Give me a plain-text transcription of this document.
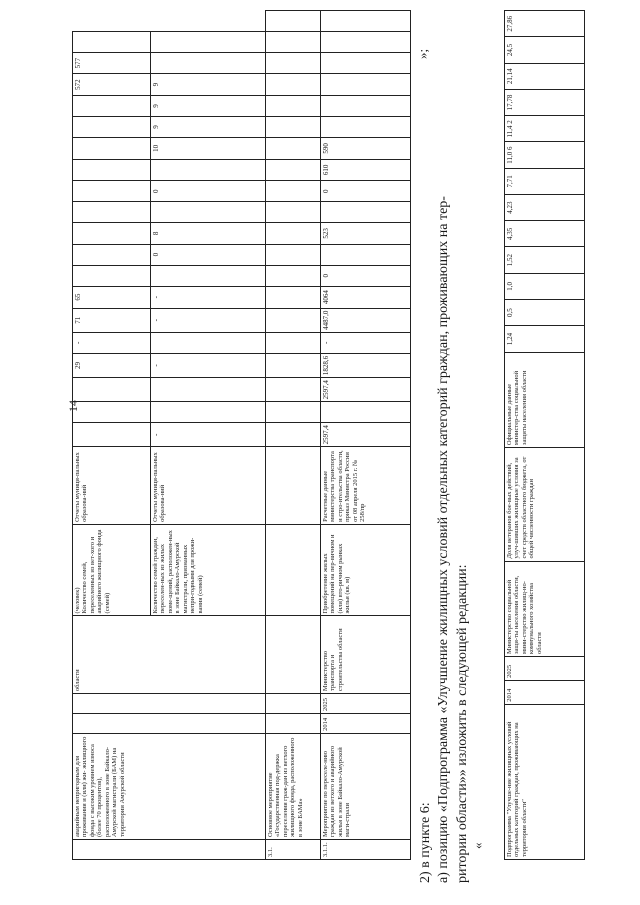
14
	аварийным непригодным для проживания и (или) жи- жилищного фонда с высоким уровнем износа (более 70 процентов), расположенного в зоне Байкало-Амурской магистрали (БАМ) на территории Амурской области			области	(человек) Количество семей, переселенных из вет-хого и аварийного жилищного фонда (семей)	Отчеты муници-пальных образова-ний				29	-	71	65										572	577		
					Количество семей граждан, переселен-ных из жилых поме-щений, расположен-ных в зоне Байкало-Амурской магистрали, признанных непри-годными для прожи-вания (семей)	Отчеты муници-пальных образова-ний	-			-		-	-		0	8		0		10	9	9	9			
3.1.	Основное мероприятие «Государственная под-держка переселения граж-дан из ветхого жилищного фонда, расположенного в зоне БАМа»																									
3.1.1.	Мероприятие по переселе-нию граждан из ветхого и аварийного жилья в зоне Байкало-Амурской маги-страли	2014	2025	Министерство транспорта и строительства области	Приобретение жилых помещений на пер-вичном и (или) вто-ричном рынках жилья (кв. м)	Расчетные данные министерства транспорта и стро-ительства области, приказ Министра России от 08 апреля 2015 г. № 258/пр	2597,4		2597,4	1828,6	-	4487,0	4064	0		523		0	610	590						
2) в пункте 6: а) позицию «Подпрограмма «Улучшение жилищных условий отдельных категорий граждан, проживающих на тер- ритории области»» изложить в следующей редакции:
»;
«	Подпрограмма "Улучше-ние жилищных условий отдельных категорий граждан, проживающих на территории области"	2014	2025	Министерство социальной защи-ты населения области, мини-стерство жилищ-но-коммунального хозяйства области	Доля ветеранов бое-вых действий, улуч-шивших жилищные условия за счет средств областного бюджета, от общей численности граждан	Официальные данные министер-ства социальной защиты населения области	1,24	0,5	1,0	1,52	4,35	4,23	7,71	11,0 6	11,4 2	17,78	21,14	24,5	27,86
